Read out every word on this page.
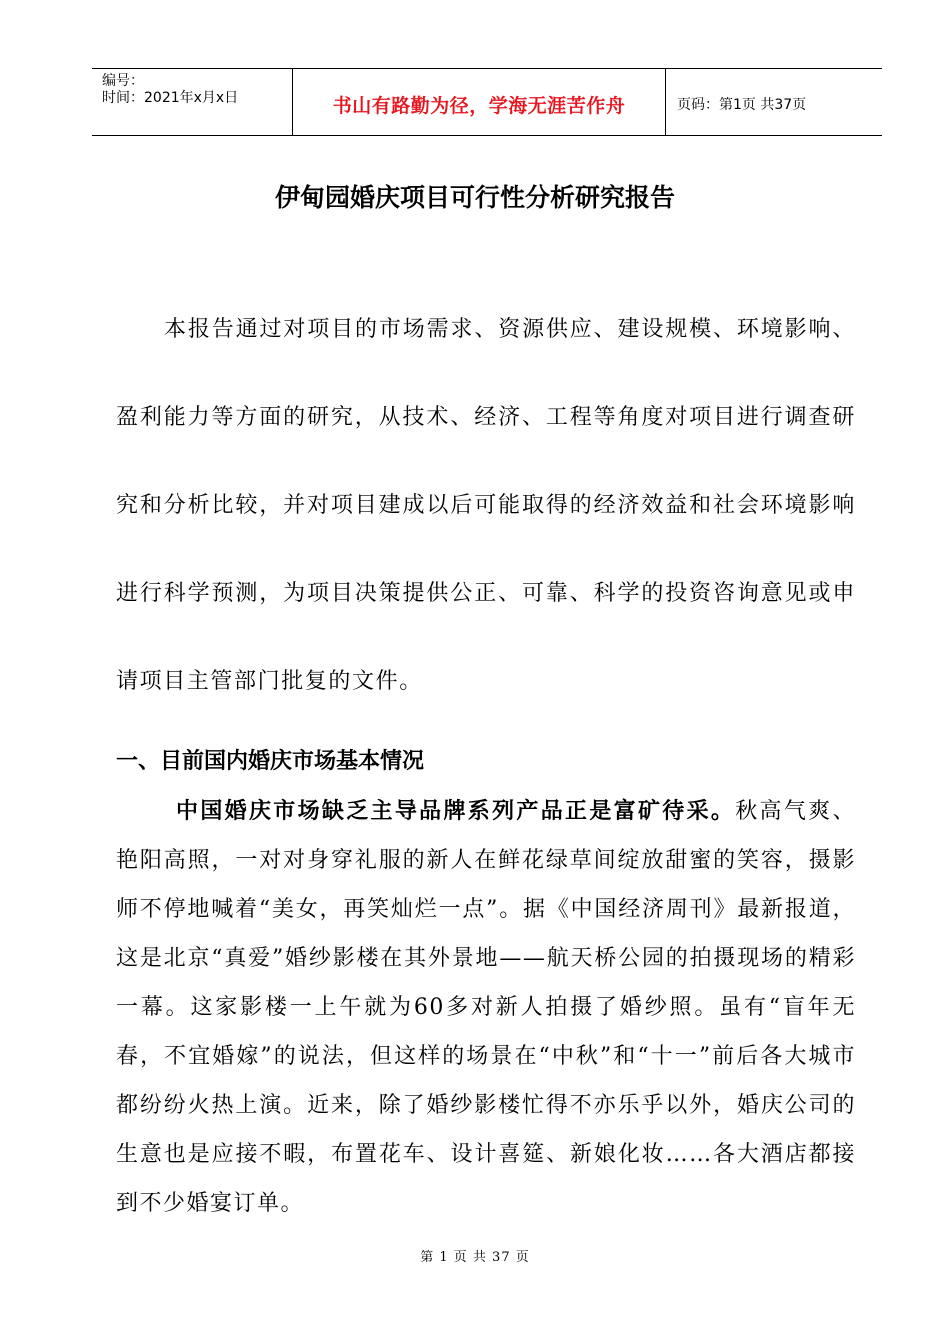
编号：
时间：2021年x月x日	书山有路勤为径，学海无涯苦作舟	页码：第1页 共37页
伊甸园婚庆项目可行性分析研究报告

本报告通过对项目的市场需求、资源供应、建设规模、环境影响、盈利能力等方面的研究，从技术、经济、工程等角度对项目进行调查研究和分析比较，并对项目建成以后可能取得的经济效益和社会环境影响进行科学预测，为项目决策提供公正、可靠、科学的投资咨询意见或申请项目主管部门批复的文件。

一、目前国内婚庆市场基本情况

中国婚庆市场缺乏主导品牌系列产品正是富矿待采。秋高气爽、艳阳高照，一对对身穿礼服的新人在鲜花绿草间绽放甜蜜的笑容，摄影师不停地喊着“美女，再笑灿烂一点”。据《中国经济周刊》最新报道，这是北京“真爱”婚纱影楼在其外景地——航天桥公园的拍摄现场的精彩一幕。这家影楼一上午就为60多对新人拍摄了婚纱照。虽有“盲年无春，不宜婚嫁”的说法，但这样的场景在“中秋”和“十一”前后各大城市都纷纷火热上演。近来，除了婚纱影楼忙得不亦乐乎以外，婚庆公司的生意也是应接不暇，布置花车、设计喜筵、新娘化妆……各大酒店都接到不少婚宴订单。

第 1 页 共 37 页
